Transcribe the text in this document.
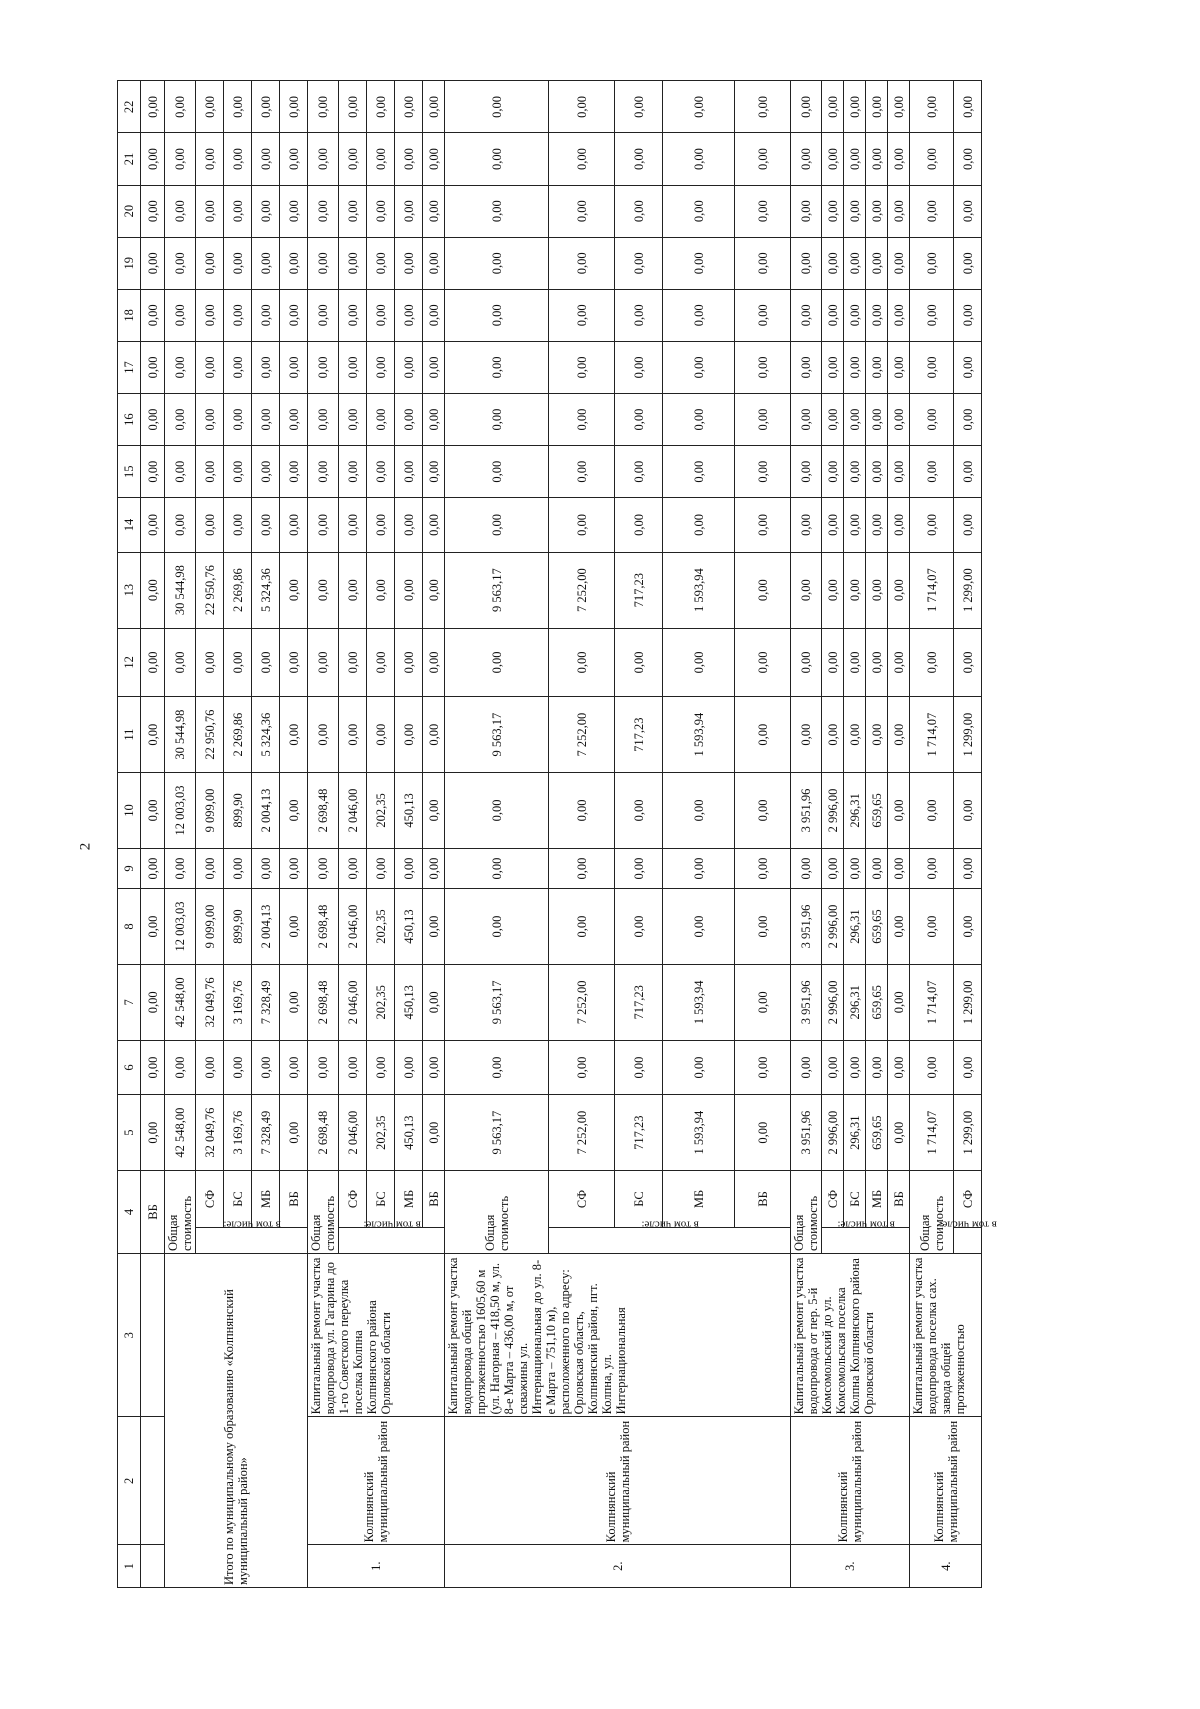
2
1	2	3	4		5	6	7	8	9	10	11	12	13	14	15	16	17	18	19	20	21	22
			ВБ		0,00	0,00	0,00	0,00	0,00	0,00	0,00	0,00	0,00	0,00	0,00	0,00	0,00	0,00	0,00	0,00	0,00	0,00
Итого по муниципальному образованию «Колпнянский муниципальный район»			Общая стоимость		42 548,00	0,00	42 548,00	12 003,03	0,00	12 003,03	30 544,98	0,00	30 544,98	0,00	0,00	0,00	0,00	0,00	0,00	0,00	0,00	0,00
			в том числе:	СФ	32 049,76	0,00	32 049,76	9 099,00	0,00	9 099,00	22 950,76	0,00	22 950,76	0,00	0,00	0,00	0,00	0,00	0,00	0,00	0,00	0,00
				БС	3 169,76	0,00	3 169,76	899,90	0,00	899,90	2 269,86	0,00	2 269,86	0,00	0,00	0,00	0,00	0,00	0,00	0,00	0,00	0,00
				МБ	7 328,49	0,00	7 328,49	2 004,13	0,00	2 004,13	5 324,36	0,00	5 324,36	0,00	0,00	0,00	0,00	0,00	0,00	0,00	0,00	0,00
				ВБ	0,00	0,00	0,00	0,00	0,00	0,00	0,00	0,00	0,00	0,00	0,00	0,00	0,00	0,00	0,00	0,00	0,00	0,00
1.	Колпнянский муниципальный район	Капитальный ремонт участка водопровода ул. Гагарина до 1-го Советского переулка поселка Колпна Колпнянского района Орловской области	Общая стоимость		2 698,48	0,00	2 698,48	2 698,48	0,00	2 698,48	0,00	0,00	0,00	0,00	0,00	0,00	0,00	0,00	0,00	0,00	0,00	0,00
			в том числе:	СФ	2 046,00	0,00	2 046,00	2 046,00	0,00	2 046,00	0,00	0,00	0,00	0,00	0,00	0,00	0,00	0,00	0,00	0,00	0,00	0,00
				БС	202,35	0,00	202,35	202,35	0,00	202,35	0,00	0,00	0,00	0,00	0,00	0,00	0,00	0,00	0,00	0,00	0,00	0,00
				МБ	450,13	0,00	450,13	450,13	0,00	450,13	0,00	0,00	0,00	0,00	0,00	0,00	0,00	0,00	0,00	0,00	0,00	0,00
				ВБ	0,00	0,00	0,00	0,00	0,00	0,00	0,00	0,00	0,00	0,00	0,00	0,00	0,00	0,00	0,00	0,00	0,00	0,00
2.	Колпнянский муниципальный район	Капитальный ремонт участка водопровода общей протяженностью 1605,60 м (ул. Нагорная – 418,50 м, ул. 8-е Марта – 436,00 м, от скважины ул. Интернациональная до ул. 8-е Марта – 751,10 м), расположенного по адресу: Орловская область, Колпнянский район, пгт. Колпна, ул. Интернациональная	Общая стоимость		9 563,17	0,00	9 563,17	0,00	0,00	0,00	9 563,17	0,00	9 563,17	0,00	0,00	0,00	0,00	0,00	0,00	0,00	0,00	0,00
			в том числе:	СФ	7 252,00	0,00	7 252,00	0,00	0,00	0,00	7 252,00	0,00	7 252,00	0,00	0,00	0,00	0,00	0,00	0,00	0,00	0,00	0,00
				БС	717,23	0,00	717,23	0,00	0,00	0,00	717,23	0,00	717,23	0,00	0,00	0,00	0,00	0,00	0,00	0,00	0,00	0,00
				МБ	1 593,94	0,00	1 593,94	0,00	0,00	0,00	1 593,94	0,00	1 593,94	0,00	0,00	0,00	0,00	0,00	0,00	0,00	0,00	0,00
				ВБ	0,00	0,00	0,00	0,00	0,00	0,00	0,00	0,00	0,00	0,00	0,00	0,00	0,00	0,00	0,00	0,00	0,00	0,00
3.	Колпнянский муниципальный район	Капитальный ремонт участка водопровода от пер. 5-й Комсомольский до ул. Комсомольская поселка Колпна Колпнянского района Орловской области	Общая стоимость		3 951,96	0,00	3 951,96	3 951,96	0,00	3 951,96	0,00	0,00	0,00	0,00	0,00	0,00	0,00	0,00	0,00	0,00	0,00	0,00
			в том числе:	СФ	2 996,00	0,00	2 996,00	2 996,00	0,00	2 996,00	0,00	0,00	0,00	0,00	0,00	0,00	0,00	0,00	0,00	0,00	0,00	0,00
				БС	296,31	0,00	296,31	296,31	0,00	296,31	0,00	0,00	0,00	0,00	0,00	0,00	0,00	0,00	0,00	0,00	0,00	0,00
				МБ	659,65	0,00	659,65	659,65	0,00	659,65	0,00	0,00	0,00	0,00	0,00	0,00	0,00	0,00	0,00	0,00	0,00	0,00
				ВБ	0,00	0,00	0,00	0,00	0,00	0,00	0,00	0,00	0,00	0,00	0,00	0,00	0,00	0,00	0,00	0,00	0,00	0,00
4.	Колпнянский муниципальный район	Капитальный ремонт участка водопровода поселка сах. завода общей протяженностью	Общая стоимость		1 714,07	0,00	1 714,07	0,00	0,00	0,00	1 714,07	0,00	1 714,07	0,00	0,00	0,00	0,00	0,00	0,00	0,00	0,00	0,00
			в том числе:	СФ	1 299,00	0,00	1 299,00	0,00	0,00	0,00	1 299,00	0,00	1 299,00	0,00	0,00	0,00	0,00	0,00	0,00	0,00	0,00	0,00
